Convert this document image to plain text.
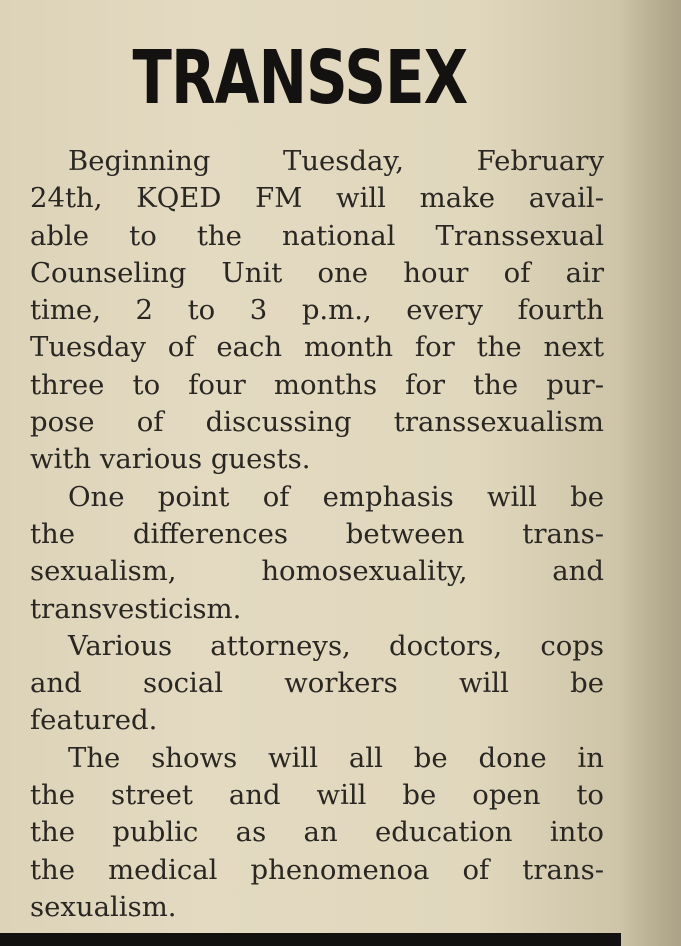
TRANSSEX
Beginning Tuesday, February
24th, KQED FM will make avail-
able to the national Transsexual
Counseling Unit one hour of air
time, 2 to 3 p.m., every fourth
Tuesday of each month for the next
three to four months for the pur-
pose of discussing transsexualism
with various guests.
One point of emphasis will be
the differences between trans-
sexualism, homosexuality, and
transvesticism.
Various attorneys, doctors, cops
and social workers will be
featured.
The shows will all be done in
the street and will be open to
the public as an education into
the medical phenomenoa of trans-
sexualism.
